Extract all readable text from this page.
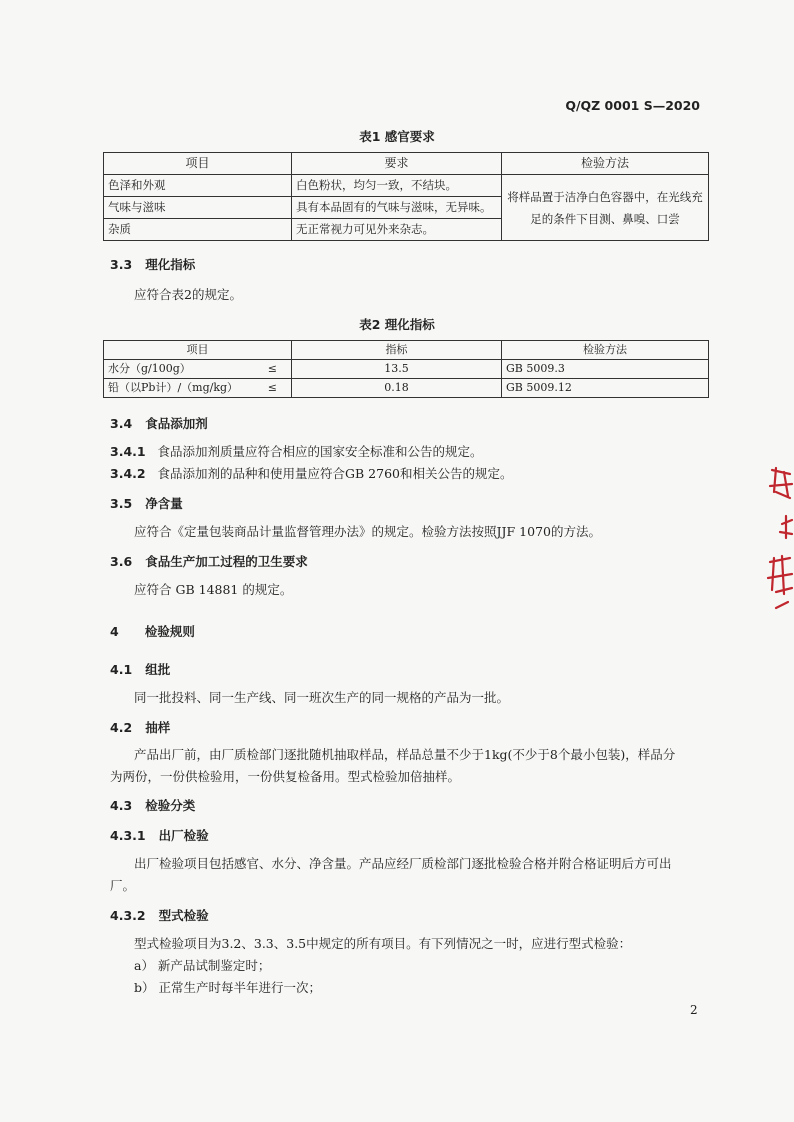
Q/QZ 0001 S—2020
表1 感官要求
项目	要求	检验方法
色泽和外观	白色粉状，均匀一致，不结块。	将样品置于洁净白色容器中，在光线充足的条件下目测、鼻嗅、口尝
气味与滋味	具有本品固有的气味与滋味，无异味。	
杂质	无正常视力可见外来杂志。	
3.3 理化指标
应符合表2的规定。
表2 理化指标
项目	指标	检验方法
水分（g/100g） ≤	13.5	GB 5009.3
铅（以Pb计）/（mg/kg） ≤	0.18	GB 5009.12
3.4 食品添加剂
3.4.1 食品添加剂质量应符合相应的国家安全标准和公告的规定。
3.4.2 食品添加剂的品种和使用量应符合GB 2760和相关公告的规定。
3.5 净含量
应符合《定量包装商品计量监督管理办法》的规定。检验方法按照JJF 1070的方法。
3.6 食品生产加工过程的卫生要求
应符合 GB 14881 的规定。
4 检验规则
4.1 组批
同一批投料、同一生产线、同一班次生产的同一规格的产品为一批。
4.2 抽样
产品出厂前，由厂质检部门逐批随机抽取样品，样品总量不少于1kg(不少于8个最小包装)，样品分
为两份，一份供检验用，一份供复检备用。型式检验加倍抽样。
4.3 检验分类
4.3.1 出厂检验
出厂检验项目包括感官、水分、净含量。产品应经厂质检部门逐批检验合格并附合格证明后方可出
厂。
4.3.2 型式检验
型式检验项目为3.2、3.3、3.5中规定的所有项目。有下列情况之一时，应进行型式检验：
a） 新产品试制鉴定时；
b） 正常生产时每半年进行一次；
2
